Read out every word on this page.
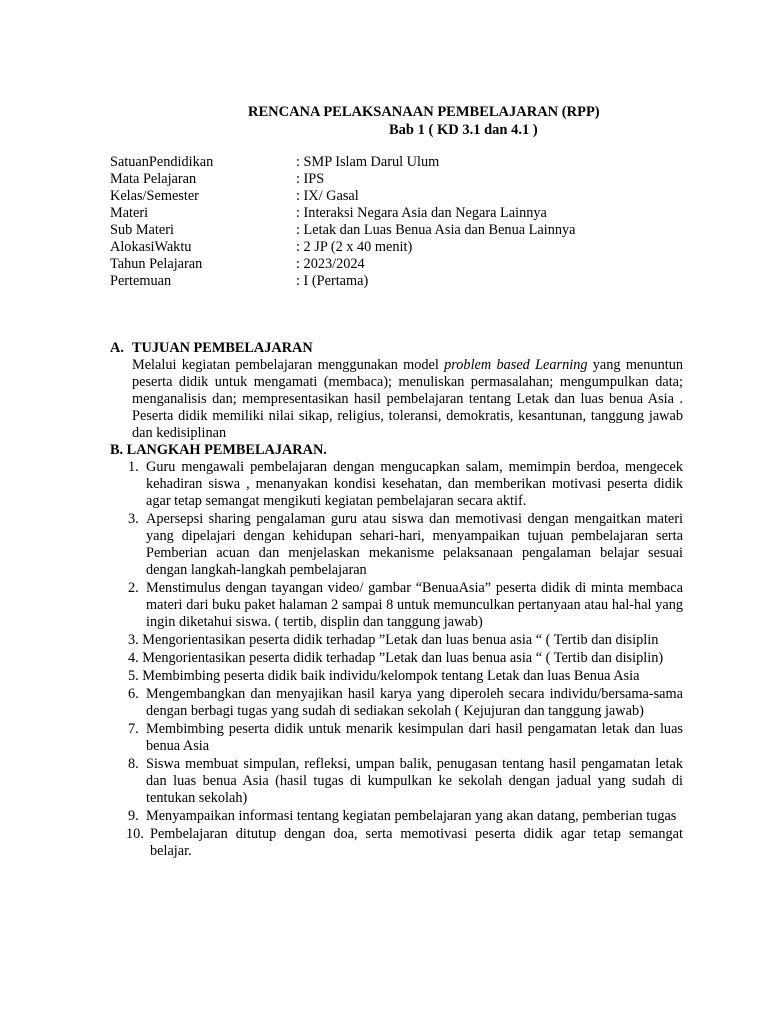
RENCANA PELAKSANAAN PEMBELAJARAN (RPP)
Bab 1 ( KD 3.1 dan 4.1 )
SatuanPendidikan	: SMP Islam Darul Ulum
Mata Pelajaran	: IPS
Kelas/Semester	: IX/ Gasal
Materi	: Interaksi Negara Asia dan Negara Lainnya
Sub Materi	: Letak dan Luas Benua Asia dan Benua Lainnya
AlokasiWaktu	: 2 JP (2 x 40 menit)
Tahun Pelajaran	: 2023/2024
Pertemuan	: I (Pertama)
A. TUJUAN PEMBELAJARAN
Melalui kegiatan pembelajaran menggunakan model problem based Learning yang menuntun peserta didik untuk mengamati (membaca); menuliskan permasalahan; mengumpulkan data; menganalisis dan; mempresentasikan hasil pembelajaran tentang Letak dan luas benua Asia . Peserta didik memiliki nilai sikap, religius, toleransi, demokratis, kesantunan, tanggung jawab dan kedisiplinan
B. LANGKAH PEMBELAJARAN.
1. Guru mengawali pembelajaran dengan mengucapkan salam, memimpin berdoa, mengecek kehadiran siswa , menanyakan kondisi kesehatan, dan memberikan motivasi peserta didik agar tetap semangat mengikuti kegiatan pembelajaran secara aktif.
3. Apersepsi sharing pengalaman guru atau siswa dan memotivasi dengan mengaitkan materi yang dipelajari dengan kehidupan sehari-hari, menyampaikan tujuan pembelajaran serta Pemberian acuan dan menjelaskan mekanisme pelaksanaan pengalaman belajar sesuai dengan langkah-langkah pembelajaran
2. Menstimulus dengan tayangan video/ gambar “BenuaAsia” peserta didik di minta membaca materi dari buku paket halaman 2 sampai 8 untuk memunculkan pertanyaan atau hal-hal yang ingin diketahui siswa. ( tertib, displin dan tanggung jawab)
3. Mengorientasikan peserta didik terhadap ”Letak dan luas benua asia “ ( Tertib dan disiplin
4. Mengorientasikan peserta didik terhadap ”Letak dan luas benua asia “ ( Tertib dan disiplin)
5. Membimbing peserta didik baik individu/kelompok tentang Letak dan luas Benua Asia
6. Mengembangkan dan menyajikan hasil karya yang diperoleh secara individu/bersama-sama dengan berbagi tugas yang sudah di sediakan sekolah ( Kejujuran dan tanggung jawab)
7. Membimbing peserta didik untuk menarik kesimpulan dari hasil pengamatan letak dan luas benua Asia
8. Siswa membuat simpulan, refleksi, umpan balik, penugasan tentang hasil pengamatan letak dan luas benua Asia (hasil tugas di kumpulkan ke sekolah dengan jadual yang sudah di tentukan sekolah)
9. Menyampaikan informasi tentang kegiatan pembelajaran yang akan datang, pemberian tugas
10. Pembelajaran ditutup dengan doa, serta memotivasi peserta didik agar tetap semangat belajar.
